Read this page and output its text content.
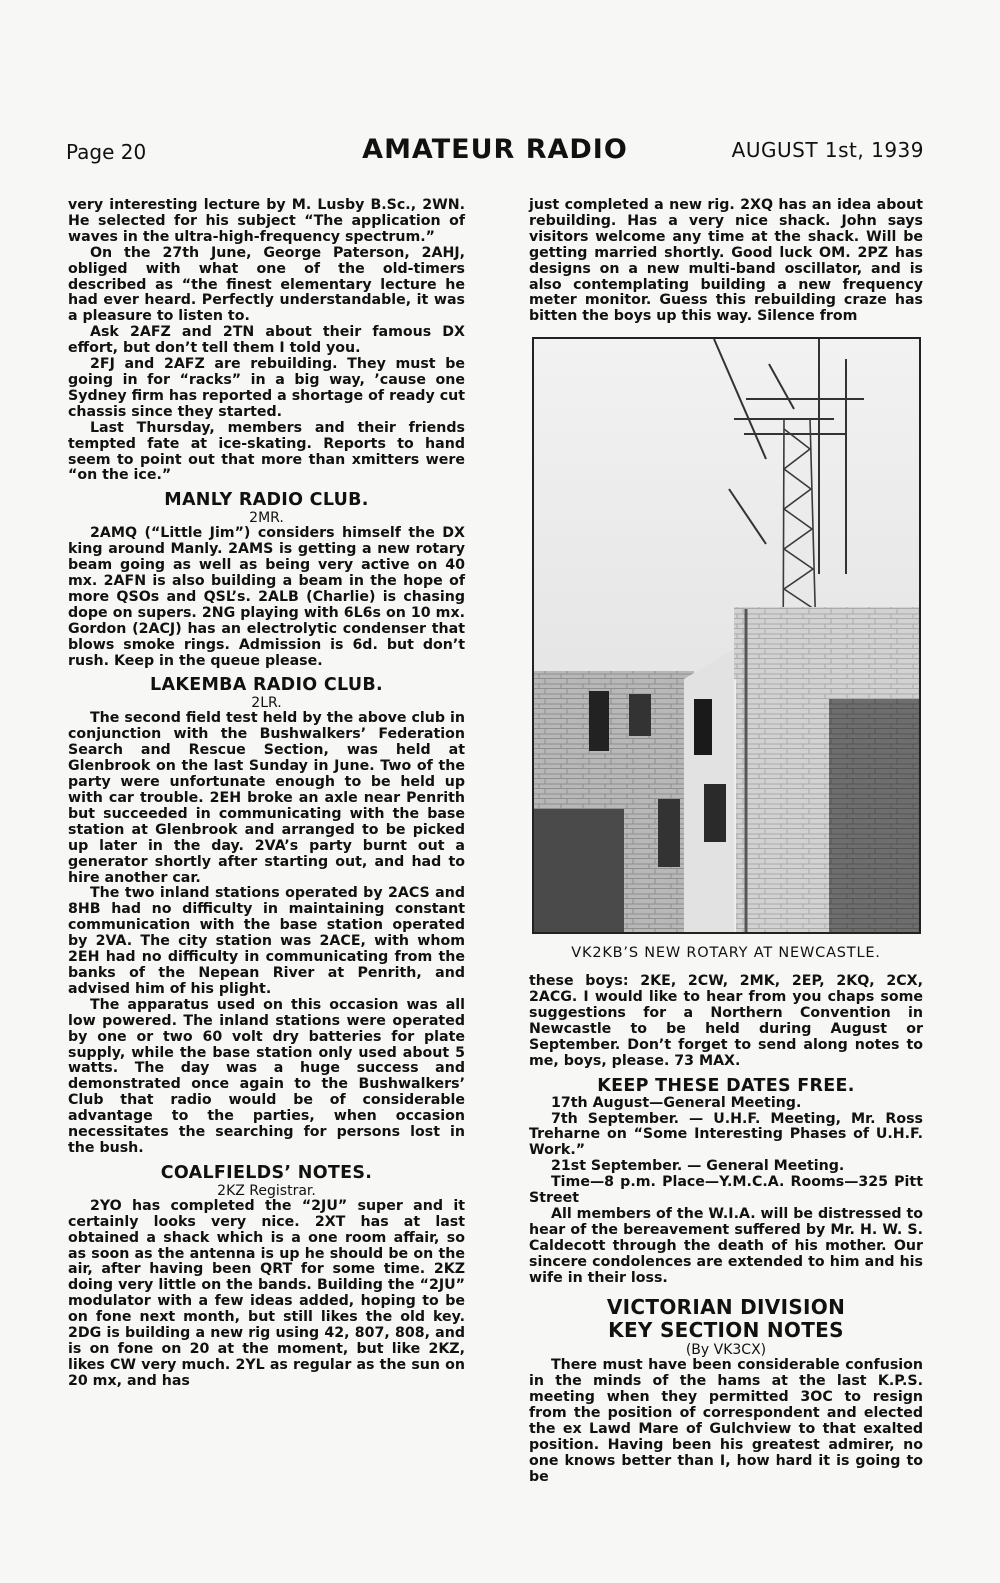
Page 20	AMATEUR RADIO	AUGUST 1st, 1939

very interesting lecture by M. Lusby B.Sc., 2WN. He selected for his subject “The application of waves in the ultra-high-frequency spectrum.”

On the 27th June, George Paterson, 2AHJ, obliged with what one of the old-timers described as “the finest elementary lecture he had ever heard. Perfectly understandable, it was a pleasure to listen to.

Ask 2AFZ and 2TN about their famous DX effort, but don’t tell them I told you.

2FJ and 2AFZ are rebuilding. They must be going in for “racks” in a big way, ’cause one Sydney firm has reported a shortage of ready cut chassis since they started.

Last Thursday, members and their friends tempted fate at ice-skating. Reports to hand seem to point out that more than xmitters were “on the ice.”

MANLY RADIO CLUB.
2MR.

2AMQ (“Little Jim”) considers himself the DX king around Manly. 2AMS is getting a new rotary beam going as well as being very active on 40 mx. 2AFN is also building a beam in the hope of more QSOs and QSL’s. 2ALB (Charlie) is chasing dope on supers. 2NG playing with 6L6s on 10 mx. Gordon (2ACJ) has an electrolytic condenser that blows smoke rings. Admission is 6d. but don’t rush. Keep in the queue please.

LAKEMBA RADIO CLUB.
2LR.

The second field test held by the above club in conjunction with the Bushwalkers’ Federation Search and Rescue Section, was held at Glenbrook on the last Sunday in June. Two of the party were unfortunate enough to be held up with car trouble. 2EH broke an axle near Penrith but succeeded in communicating with the base station at Glenbrook and arranged to be picked up later in the day. 2VA’s party burnt out a generator shortly after starting out, and had to hire another car.

The two inland stations operated by 2ACS and 8HB had no difficulty in maintaining constant communication with the base station operated by 2VA. The city station was 2ACE, with whom 2EH had no difficulty in communicating from the banks of the Nepean River at Penrith, and advised him of his plight.

The apparatus used on this occasion was all low powered. The inland stations were operated by one or two 60 volt dry batteries for plate supply, while the base station only used about 5 watts. The day was a huge success and demonstrated once again to the Bushwalkers’ Club that radio would be of considerable advantage to the parties, when occasion necessitates the searching for persons lost in the bush.

COALFIELDS’ NOTES.
2KZ Registrar.

2YO has completed the “2JU” super and it certainly looks very nice. 2XT has at last obtained a shack which is a one room affair, so as soon as the antenna is up he should be on the air, after having been QRT for some time. 2KZ doing very little on the bands. Building the “2JU” modulator with a few ideas added, hoping to be on fone next month, but still likes the old key. 2DG is building a new rig using 42, 807, 808, and is on fone on 20 at the moment, but like 2KZ, likes CW very much. 2YL as regular as the sun on 20 mx, and has

just completed a new rig. 2XQ has an idea about rebuilding. Has a very nice shack. John says visitors welcome any time at the shack. Will be getting married shortly. Good luck OM. 2PZ has designs on a new multi-band oscillator, and is also contemplating building a new frequency meter monitor. Guess this rebuilding craze has bitten the boys up this way. Silence from

VK2KB’S NEW ROTARY AT NEWCASTLE.

these boys: 2KE, 2CW, 2MK, 2EP, 2KQ, 2CX, 2ACG. I would like to hear from you chaps some suggestions for a Northern Convention in Newcastle to be held during August or September. Don’t forget to send along notes to me, boys, please. 73 MAX.

KEEP THESE DATES FREE.

17th August—General Meeting.

7th September. — U.H.F. Meeting, Mr. Ross Treharne on “Some Interesting Phases of U.H.F. Work.”

21st September. — General Meeting.

Time—8 p.m. Place—Y.M.C.A. Rooms—325 Pitt Street

All members of the W.I.A. will be distressed to hear of the bereavement suffered by Mr. H. W. S. Caldecott through the death of his mother. Our sincere condolences are extended to him and his wife in their loss.

VICTORIAN DIVISION
KEY SECTION NOTES
(By VK3CX)

There must have been considerable confusion in the minds of the hams at the last K.P.S. meeting when they permitted 3OC to resign from the position of correspondent and elected the ex Lawd Mare of Gulchview to that exalted position. Having been his greatest admirer, no one knows better than I, how hard it is going to be
